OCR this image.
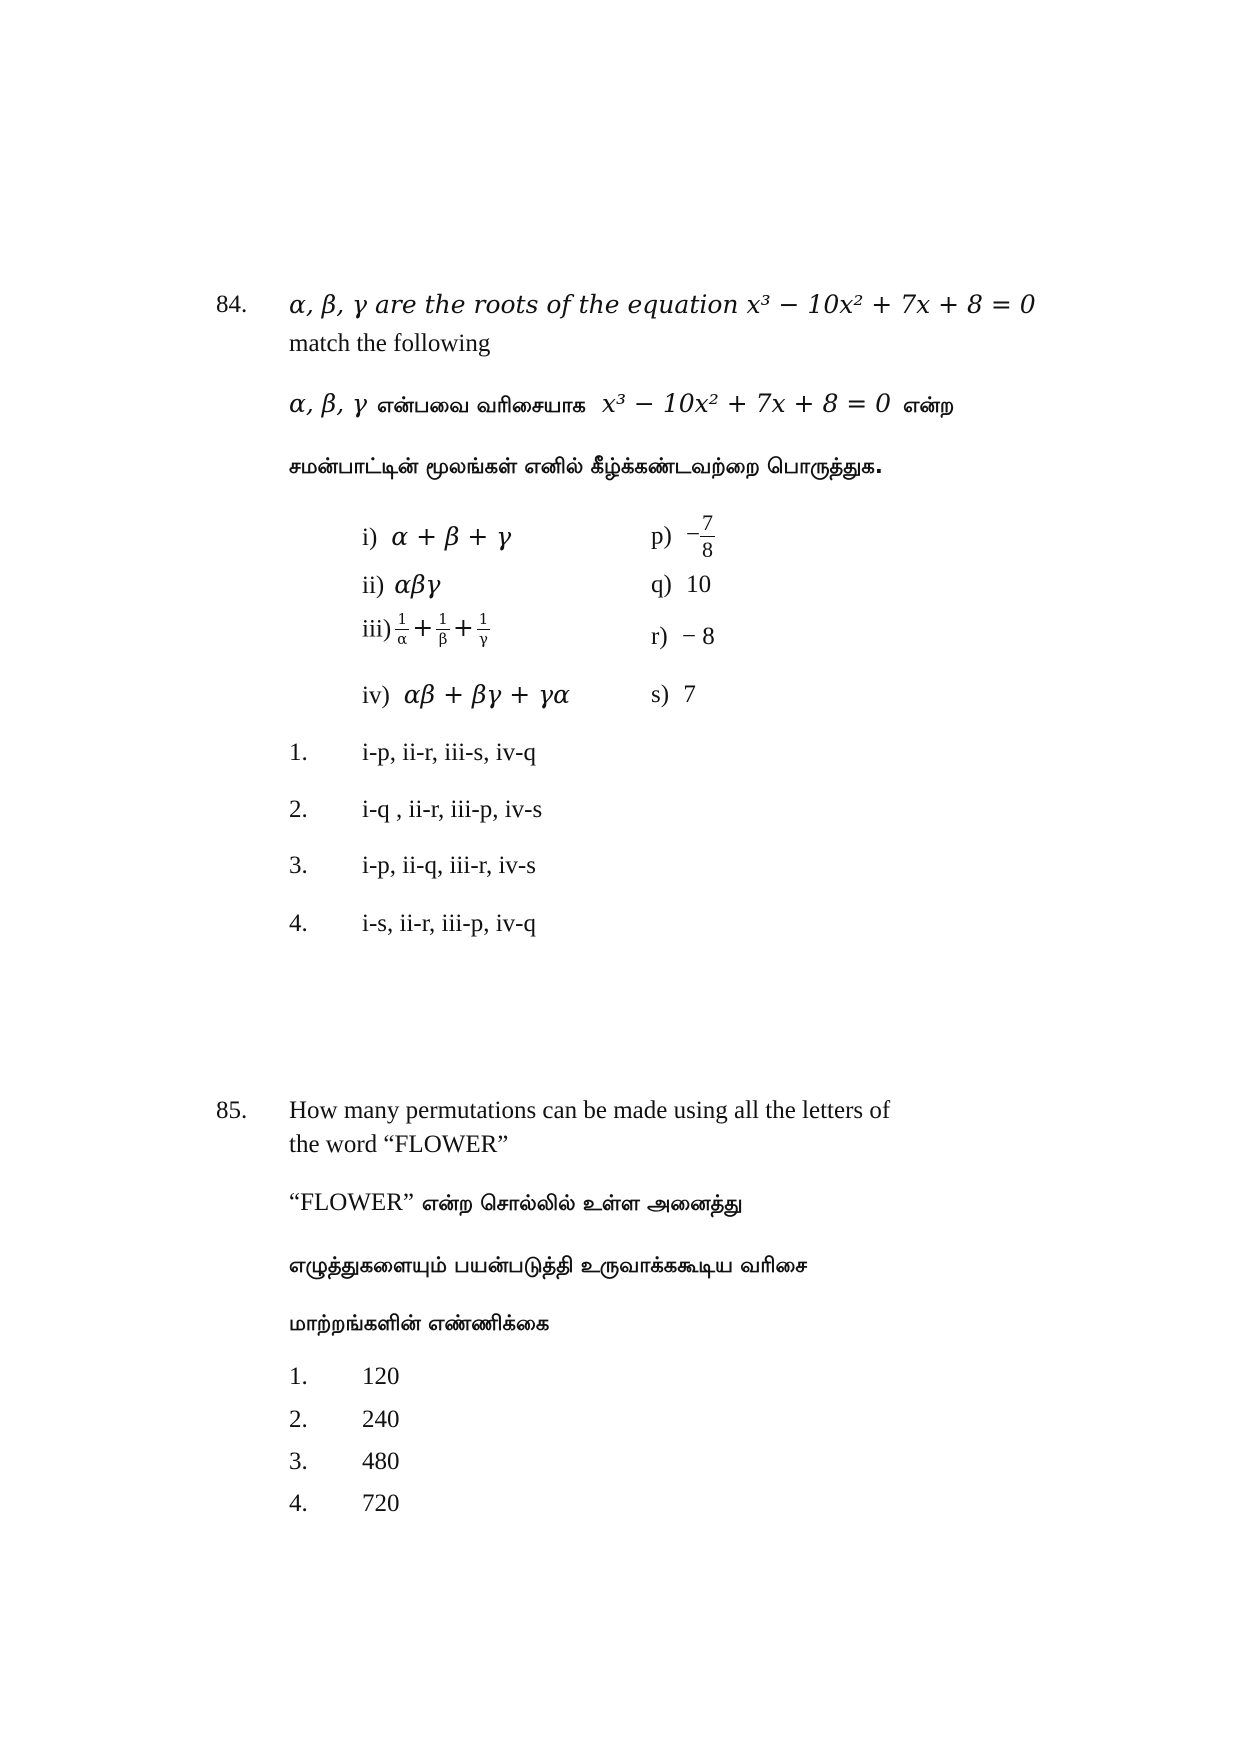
84. α, β, γ are the roots of the equation x³ − 10x² + 7x + 8 = 0
match the following
α, β, γ என்பவை வரிசையாக x³ − 10x² + 7x + 8 = 0 என்ற
சமன்பாட்டின் மூலங்கள் எனில் கீழ்க்கண்டவற்றை பொருத்துக.
i) α + β + γ
ii) αβγ
$iii) \frac{1}{\alpha} + \frac{1}{\beta} + \frac{1}{\gamma}$
iv) αβ + βγ + γα
$p) - \frac{7}{8}$
q) 10
r) − 8
s) 7
1. i-p, ii-r, iii-s, iv-q
2. i-q , ii-r, iii-p, iv-s
3. i-p, ii-q, iii-r, iv-s
4. i-s, ii-r, iii-p, iv-q
85. How many permutations can be made using all the letters of
the word “FLOWER”
“FLOWER” என்ற சொல்லில் உள்ள அனைத்து
எழுத்துகளையும் பயன்படுத்தி உருவாக்ககூடிய வரிசை
மாற்றங்களின் எண்ணிக்கை
1. 120
2. 240
3. 480
4. 720
